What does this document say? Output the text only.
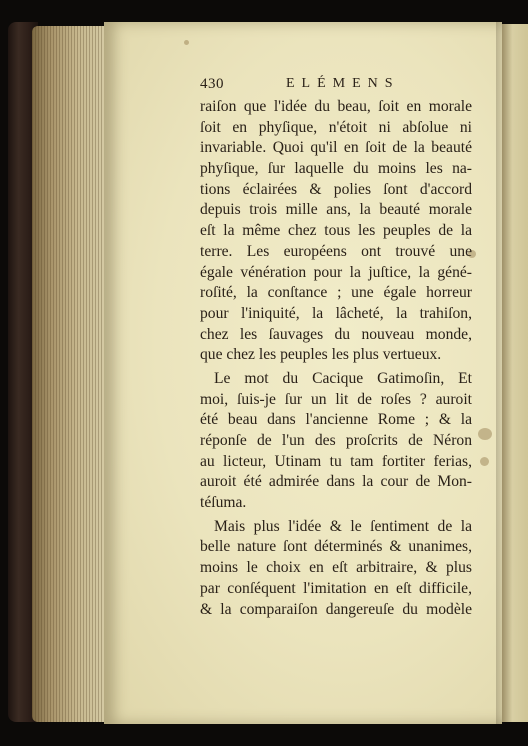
430	ELÉMENS
raiſon que l'idée du beau, ſoit en morale
ſoit en phyſique, n'étoit ni abſolue ni
invariable. Quoi qu'il en ſoit de la beauté
phyſique, ſur laquelle du moins les na-
tions éclairées & polies ſont d'accord
depuis trois mille ans, la beauté morale
eſt la même chez tous les peuples de la
terre. Les européens ont trouvé une
égale vénération pour la juſtice, la géné-
roſité, la conſtance ; une égale horreur
pour l'iniquité, la lâcheté, la trahiſon,
chez les ſauvages du nouveau monde,
que chez les peuples les plus vertueux.
Le mot du Cacique Gatimoſin, Et
moi, ſuis-je ſur un lit de roſes ? auroit
été beau dans l'ancienne Rome ; & la
réponſe de l'un des proſcrits de Néron
au licteur, Utinam tu tam fortiter ferias,
auroit été admirée dans la cour de Mon-
téſuma.
Mais plus l'idée & le ſentiment de la
belle nature ſont déterminés & unanimes,
moins le choix en eſt arbitraire, & plus
par conſéquent l'imitation en eſt difficile,
& la comparaiſon dangereuſe du modèle
